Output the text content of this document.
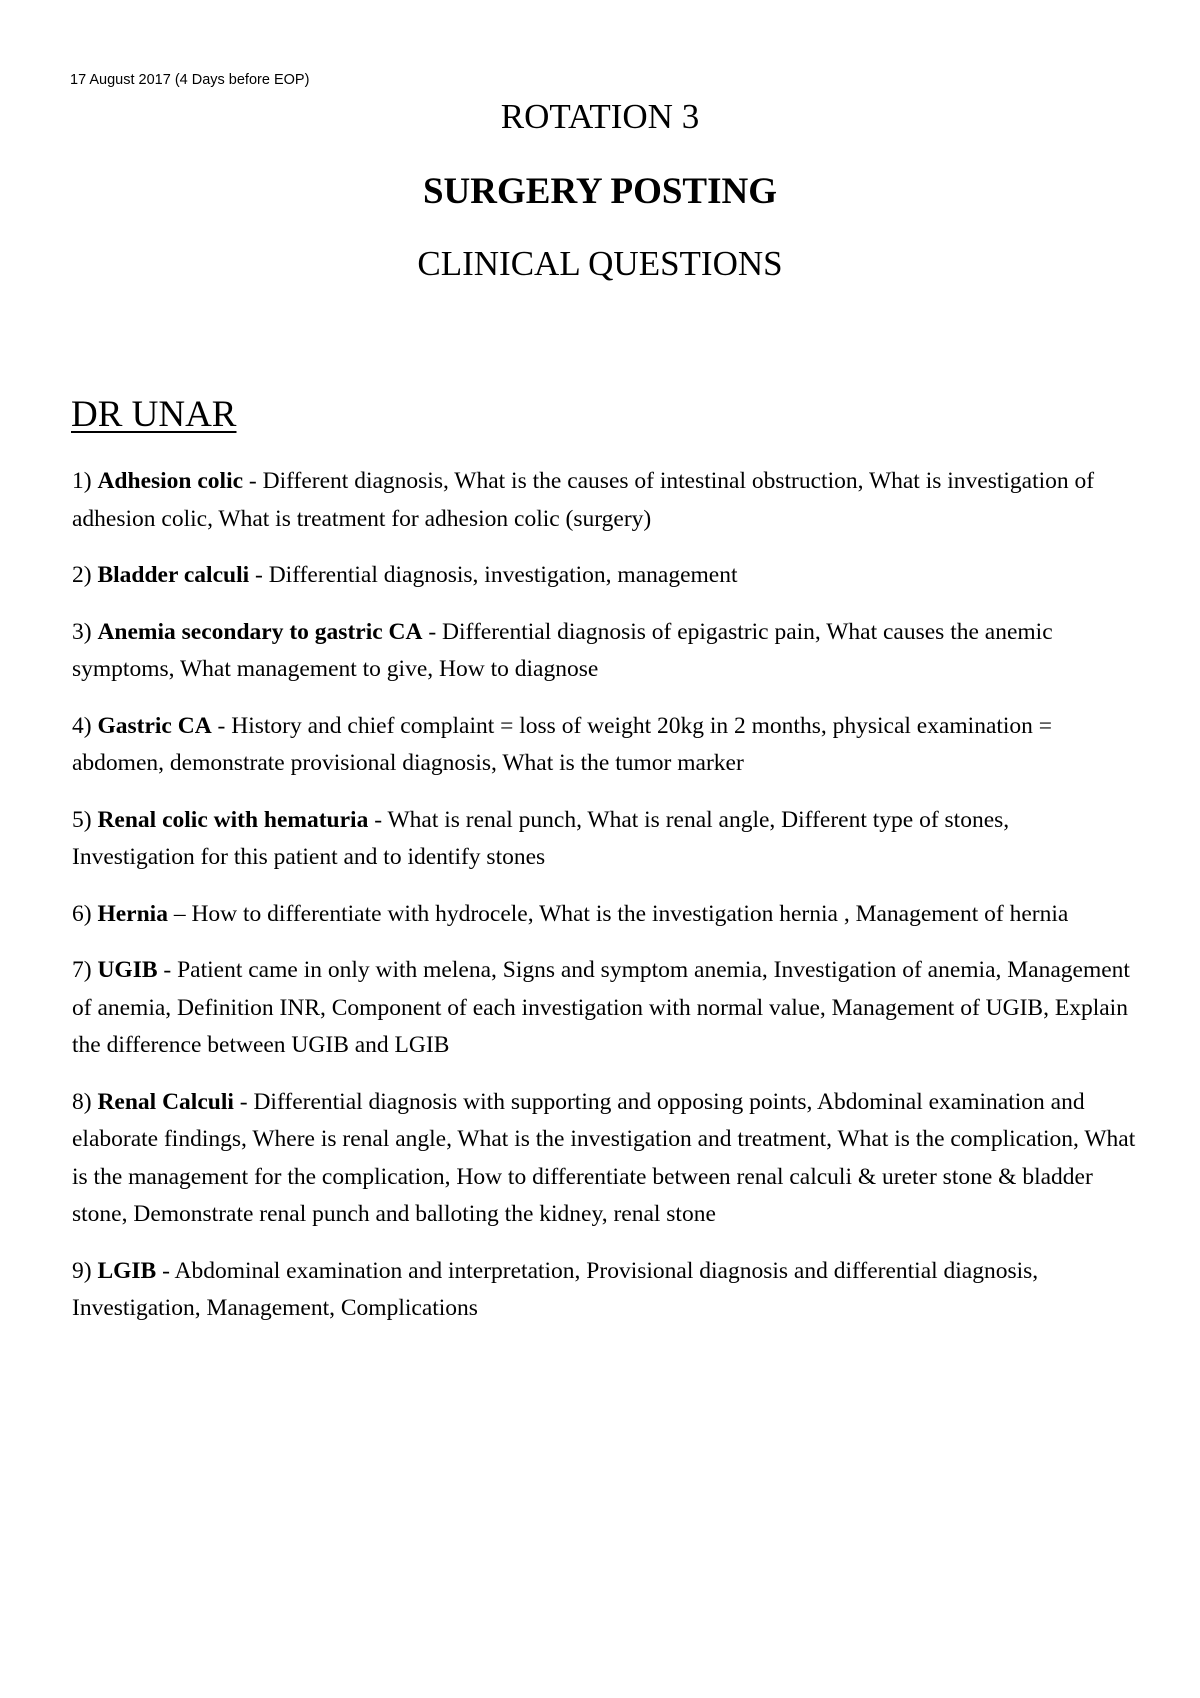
17 August 2017 (4 Days before EOP)
ROTATION 3
SURGERY POSTING
CLINICAL QUESTIONS
DR UNAR
1) Adhesion colic - Different diagnosis, What is the causes of intestinal obstruction, What is investigation of adhesion colic, What is treatment for adhesion colic (surgery)
2) Bladder calculi - Differential diagnosis, investigation, management
3) Anemia secondary to gastric CA - Differential diagnosis of epigastric pain, What causes the anemic symptoms, What management to give, How to diagnose
4) Gastric CA - History and chief complaint = loss of weight 20kg in 2 months, physical examination = abdomen, demonstrate provisional diagnosis, What is the tumor marker
5) Renal colic with hematuria - What is renal punch, What is renal angle, Different type of stones, Investigation for this patient and to identify stones
6) Hernia – How to differentiate with hydrocele, What is the investigation hernia , Management of hernia
7) UGIB - Patient came in only with melena, Signs and symptom anemia, Investigation of anemia, Management of anemia, Definition INR, Component of each investigation with normal value, Management of UGIB, Explain the difference between UGIB and LGIB
8) Renal Calculi - Differential diagnosis with supporting and opposing points, Abdominal examination and elaborate findings, Where is renal angle, What is the investigation and treatment, What is the complication, What is the management for the complication, How to differentiate between renal calculi & ureter stone & bladder stone, Demonstrate renal punch and balloting the kidney, renal stone
9) LGIB - Abdominal examination and interpretation, Provisional diagnosis and differential diagnosis, Investigation, Management, Complications
